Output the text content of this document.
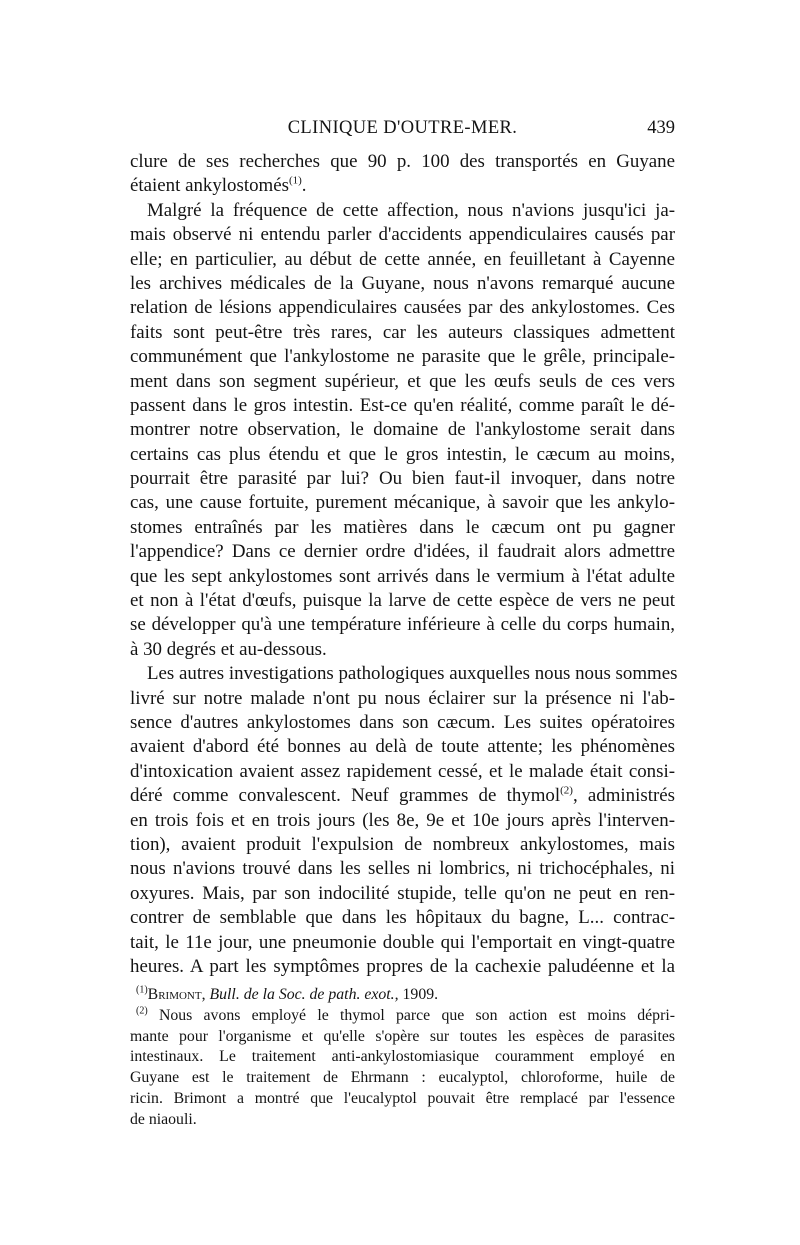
CLINIQUE D'OUTRE-MER.	439
clure de ses recherches que 90 p. 100 des transportés en Guyane
étaient ankylostomés$^{(1)}$.
Malgré la fréquence de cette affection, nous n'avions jusqu'ici ja-
mais observé ni entendu parler d'accidents appendiculaires causés par
elle; en particulier, au début de cette année, en feuilletant à Cayenne
les archives médicales de la Guyane, nous n'avons remarqué aucune
relation de lésions appendiculaires causées par des ankylostomes. Ces
faits sont peut-être très rares, car les auteurs classiques admettent
communément que l'ankylostome ne parasite que le grêle, principale-
ment dans son segment supérieur, et que les œufs seuls de ces vers
passent dans le gros intestin. Est-ce qu'en réalité, comme paraît le dé-
montrer notre observation, le domaine de l'ankylostome serait dans
certains cas plus étendu et que le gros intestin, le cæcum au moins,
pourrait être parasité par lui? Ou bien faut-il invoquer, dans notre
cas, une cause fortuite, purement mécanique, à savoir que les ankylo-
stomes entraînés par les matières dans le cæcum ont pu gagner
l'appendice? Dans ce dernier ordre d'idées, il faudrait alors admettre
que les sept ankylostomes sont arrivés dans le vermium à l'état adulte
et non à l'état d'œufs, puisque la larve de cette espèce de vers ne peut
se développer qu'à une température inférieure à celle du corps humain,
à 30 degrés et au-dessous.
Les autres investigations pathologiques auxquelles nous nous sommes
livré sur notre malade n'ont pu nous éclairer sur la présence ni l'ab-
sence d'autres ankylostomes dans son cæcum. Les suites opératoires
avaient d'abord été bonnes au delà de toute attente; les phénomènes
d'intoxication avaient assez rapidement cessé, et le malade était consi-
déré comme convalescent. Neuf grammes de thymol$^{(2)}$, administrés
en trois fois et en trois jours (les 8e, 9e et 10e jours après l'interven-
tion), avaient produit l'expulsion de nombreux ankylostomes, mais
nous n'avions trouvé dans les selles ni lombrics, ni trichocéphales, ni
oxyures. Mais, par son indocilité stupide, telle qu'on ne peut en ren-
contrer de semblable que dans les hôpitaux du bagne, L... contrac-
tait, le 11e jour, une pneumonie double qui l'emportait en vingt-quatre
heures. A part les symptômes propres de la cachexie paludéenne et la
$^{(1)}$Brimont, Bull. de la Soc. de path. exot., 1909.
$^{(2)}$ Nous avons employé le thymol parce que son action est moins dépri-
mante pour l'organisme et qu'elle s'opère sur toutes les espèces de parasites
intestinaux. Le traitement anti-ankylostomiasique couramment employé en
Guyane est le traitement de Ehrmann : eucalyptol, chloroforme, huile de
ricin. Brimont a montré que l'eucalyptol pouvait être remplacé par l'essence
de niaouli.
